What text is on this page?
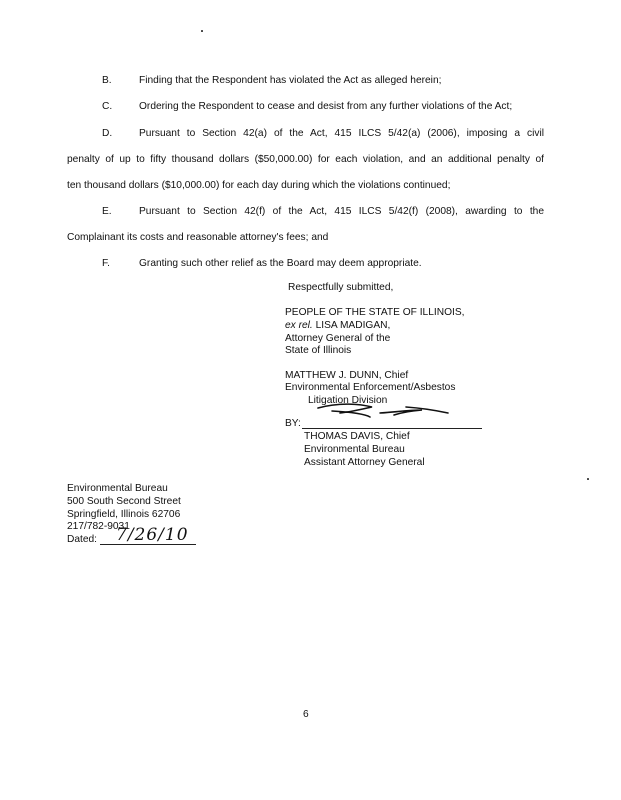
B.	Finding that the Respondent has violated the Act as alleged herein;
C.	Ordering the Respondent to cease and desist from any further violations of the Act;
D.	Pursuant to Section 42(a) of the Act, 415 ILCS 5/42(a) (2006), imposing a civil
penalty of up to fifty thousand dollars ($50,000.00) for each violation, and an additional penalty of
ten thousand dollars ($10,000.00) for each day during which the violations continued;
E.	Pursuant to Section 42(f) of the Act, 415 ILCS 5/42(f) (2008), awarding to the
Complainant its costs and reasonable attorney's fees; and
F.	Granting such other relief as the Board may deem appropriate.
Respectfully submitted,
PEOPLE OF THE STATE OF ILLINOIS,
ex rel. LISA MADIGAN,
Attorney General of the
State of Illinois
MATTHEW J. DUNN, Chief
Environmental Enforcement/Asbestos
Litigation Division
BY:
THOMAS DAVIS, Chief
Environmental Bureau
Assistant Attorney General
Environmental Bureau
500 South Second Street
Springfield, Illinois 62706
217/782-9031
Dated: 7/26/10
6
